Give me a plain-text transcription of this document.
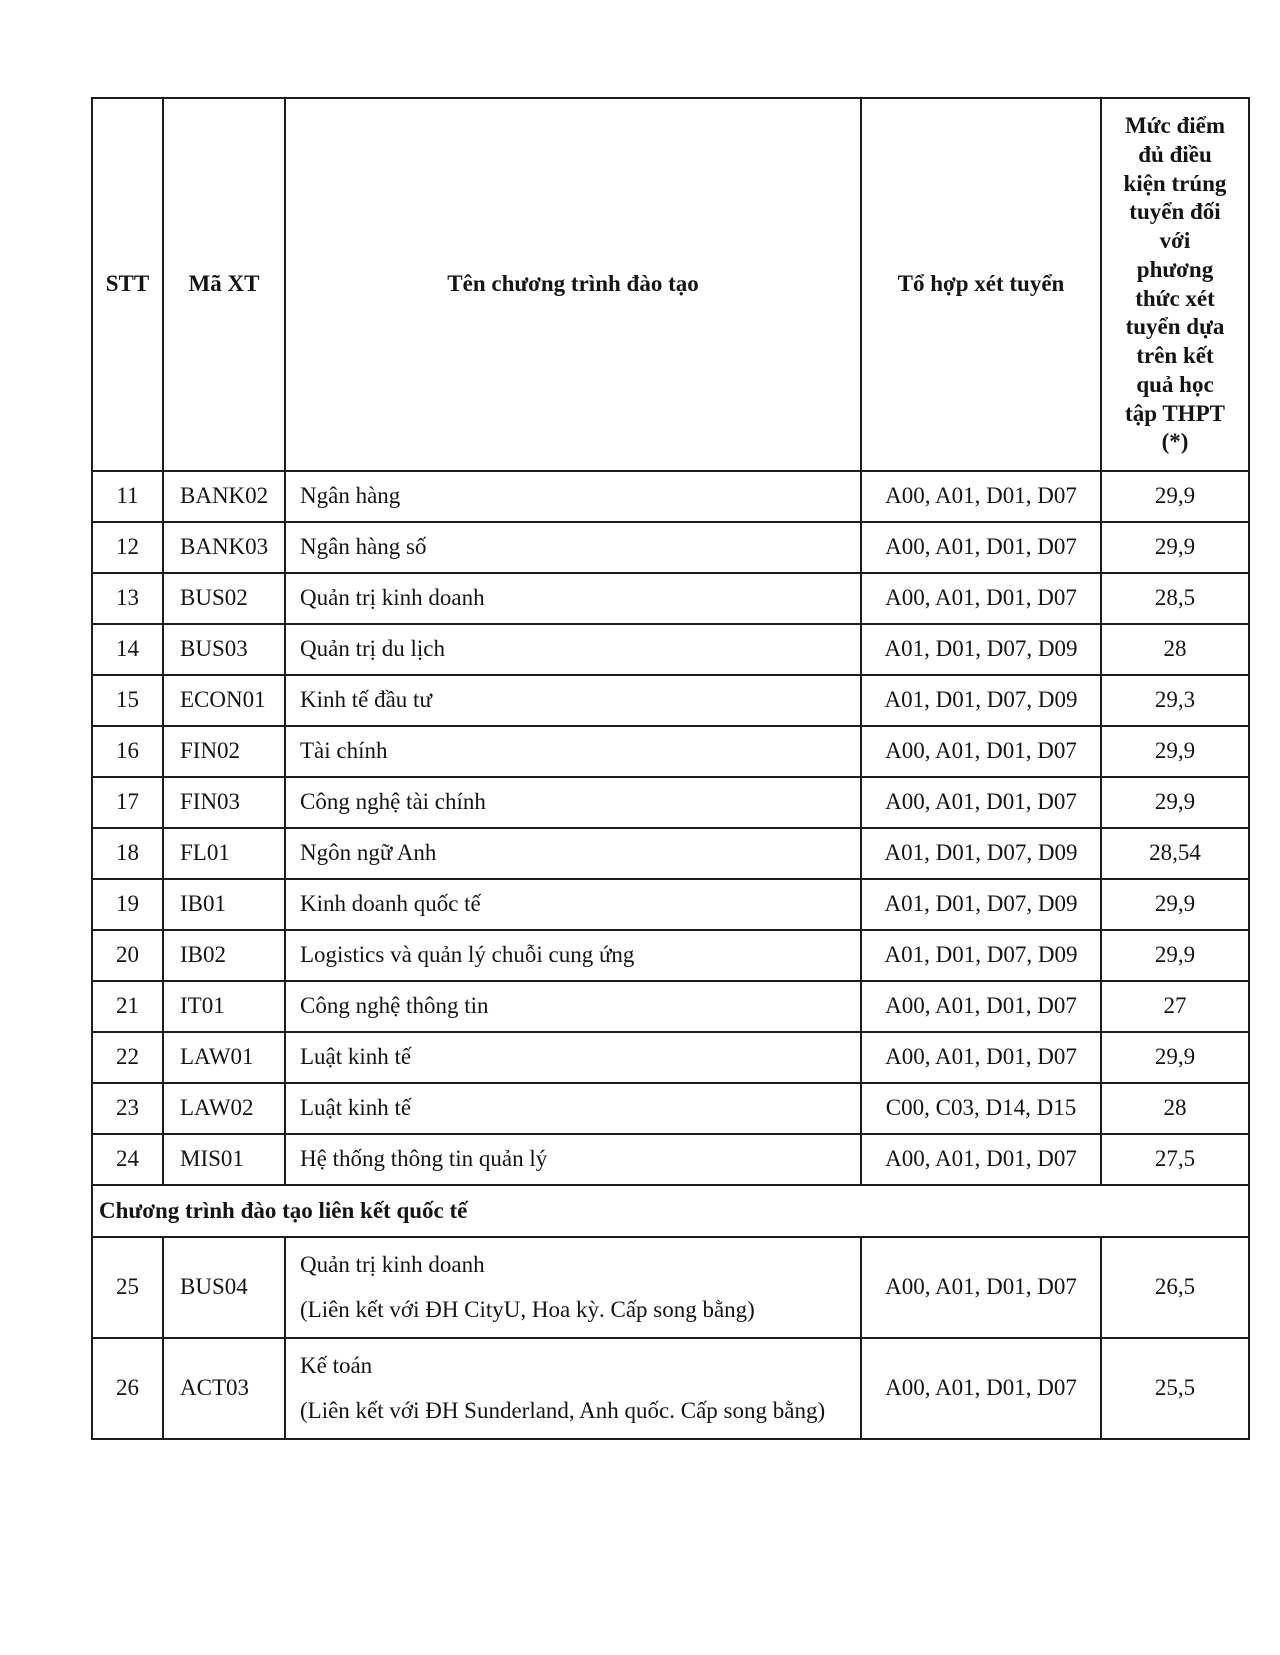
STT	Mã XT	Tên chương trình đào tạo	Tổ hợp xét tuyển	Mức điểm đủ điều kiện trúng tuyển đối với phương thức xét tuyển dựa trên kết quả học tập THPT (*)
11	BANK02	Ngân hàng	A00, A01, D01, D07	29,9
12	BANK03	Ngân hàng số	A00, A01, D01, D07	29,9
13	BUS02	Quản trị kinh doanh	A00, A01, D01, D07	28,5
14	BUS03	Quản trị du lịch	A01, D01, D07, D09	28
15	ECON01	Kinh tế đầu tư	A01, D01, D07, D09	29,3
16	FIN02	Tài chính	A00, A01, D01, D07	29,9
17	FIN03	Công nghệ tài chính	A00, A01, D01, D07	29,9
18	FL01	Ngôn ngữ Anh	A01, D01, D07, D09	28,54
19	IB01	Kinh doanh quốc tế	A01, D01, D07, D09	29,9
20	IB02	Logistics và quản lý chuỗi cung ứng	A01, D01, D07, D09	29,9
21	IT01	Công nghệ thông tin	A00, A01, D01, D07	27
22	LAW01	Luật kinh tế	A00, A01, D01, D07	29,9
23	LAW02	Luật kinh tế	C00, C03, D14, D15	28
24	MIS01	Hệ thống thông tin quản lý	A00, A01, D01, D07	27,5
Chương trình đào tạo liên kết quốc tế				
25	BUS04	Quản trị kinh doanh
(Liên kết với ĐH CityU, Hoa kỳ. Cấp song bằng)	A00, A01, D01, D07	26,5
26	ACT03	Kế toán
(Liên kết với ĐH Sunderland, Anh quốc. Cấp song bằng)	A00, A01, D01, D07	25,5
